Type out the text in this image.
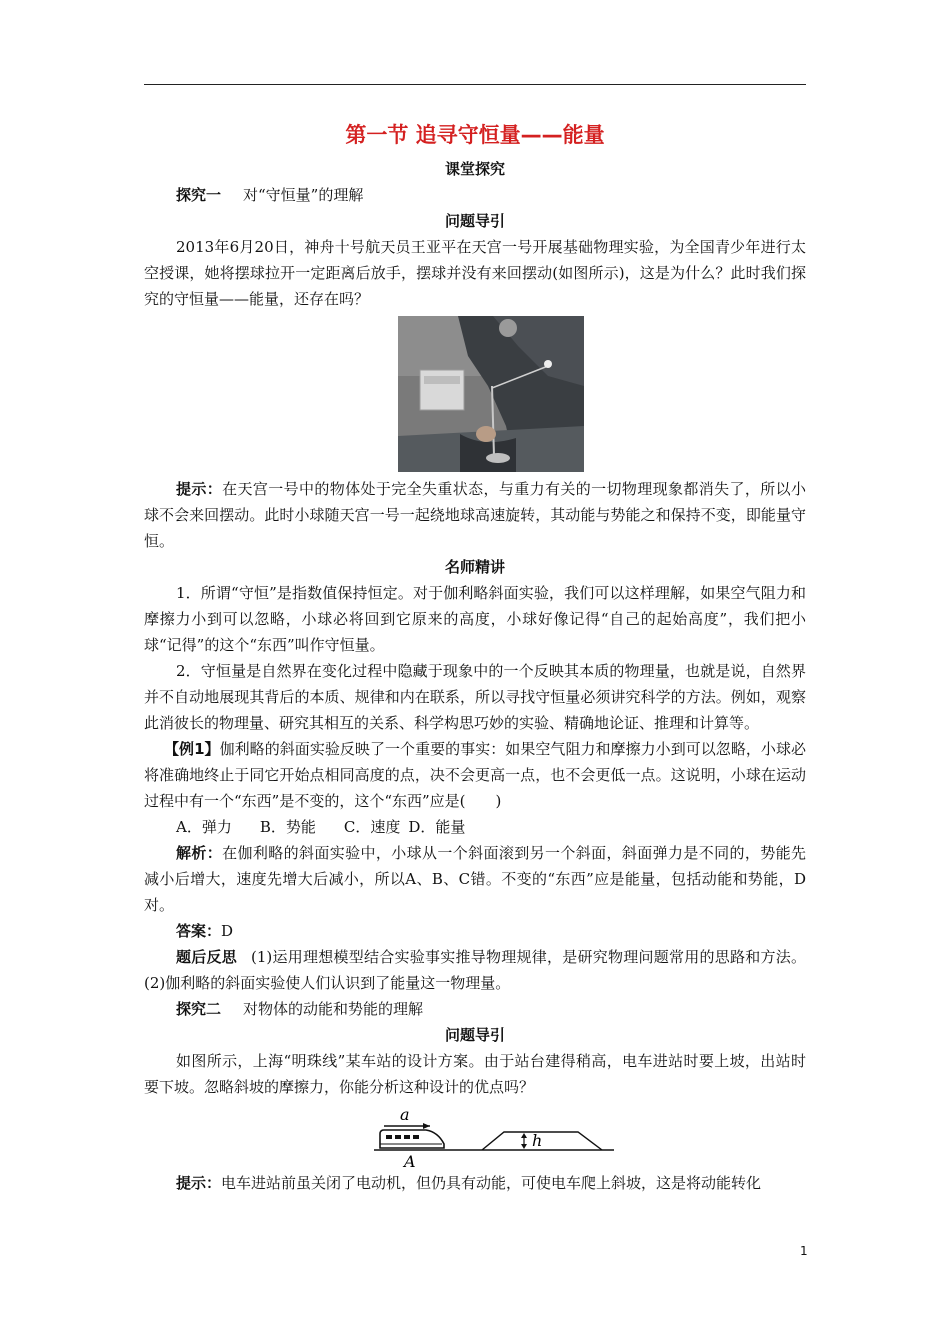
第一节 追寻守恒量——能量
课堂探究
探究一 对“守恒量”的理解
问题导引

2013年6月20日，神舟十号航天员王亚平在天宫一号开展基础物理实验，为全国青少年进行太空授课，她将摆球拉开一定距离后放手，摆球并没有来回摆动(如图所示)，这是为什么？此时我们探究的守恒量——能量，还存在吗？

提示：在天宫一号中的物体处于完全失重状态，与重力有关的一切物理现象都消失了，所以小球不会来回摆动。此时小球随天宫一号一起绕地球高速旋转，其动能与势能之和保持不变，即能量守恒。

名师精讲

1．所谓“守恒”是指数值保持恒定。对于伽利略斜面实验，我们可以这样理解，如果空气阻力和摩擦力小到可以忽略，小球必将回到它原来的高度，小球好像记得“自己的起始高度”，我们把小球“记得”的这个“东西”叫作守恒量。

2．守恒量是自然界在变化过程中隐藏于现象中的一个反映其本质的物理量，也就是说，自然界并不自动地展现其背后的本质、规律和内在联系，所以寻找守恒量必须讲究科学的方法。例如，观察此消彼长的物理量、研究其相互的关系、科学构思巧妙的实验、精确地论证、推理和计算等。

【例1】伽利略的斜面实验反映了一个重要的事实：如果空气阻力和摩擦力小到可以忽略，小球必将准确地终止于同它开始点相同高度的点，决不会更高一点，也不会更低一点。这说明，小球在运动过程中有一个“东西”是不变的，这个“东西”应是(　　)

A．弹力 B．势能 C．速度 D．能量

解析：在伽利略的斜面实验中，小球从一个斜面滚到另一个斜面，斜面弹力是不同的，势能先减小后增大，速度先增大后减小，所以A、B、C错。不变的“东西”应是能量，包括动能和势能，D对。

答案：D

题后反思 (1)运用理想模型结合实验事实推导物理规律，是研究物理问题常用的思路和方法。(2)伽利略的斜面实验使人们认识到了能量这一物理量。

探究二 对物体的动能和势能的理解
问题导引

如图所示，上海“明珠线”某车站的设计方案。由于站台建得稍高，电车进站时要上坡，出站时要下坡。忽略斜坡的摩擦力，你能分析这种设计的优点吗？

a
h
A

提示：电车进站前虽关闭了电动机，但仍具有动能，可使电车爬上斜坡，这是将动能转化

1
